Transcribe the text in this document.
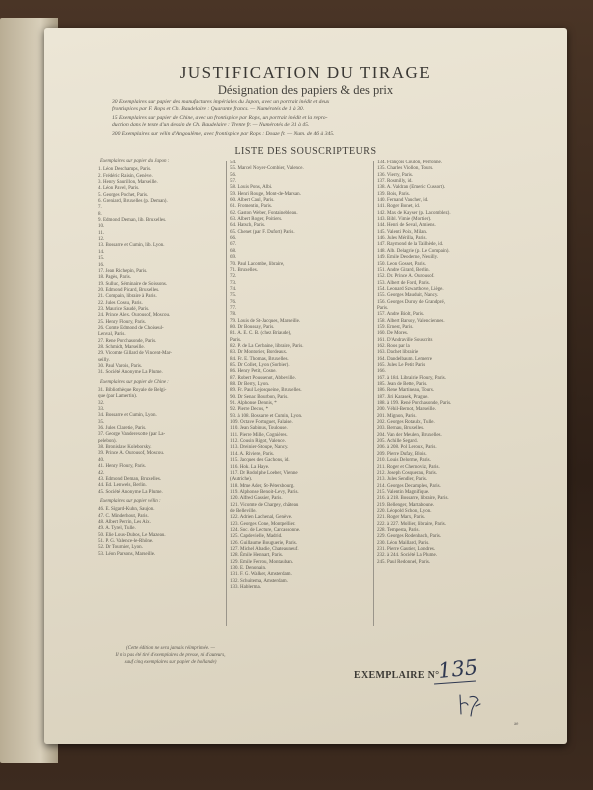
JUSTIFICATION DU TIRAGE
Désignation des papiers & des prix
30 Exemplaires sur papier des manufactures impériales du Japon, avec un portrait inédit et deux
frontispices par F. Rops et Ch. Baudelaire : Quarante francs. — Numérotés de 1 à 30.
15 Exemplaires sur papier de Chine, avec un frontispice par Rops, un portrait inédit et la repro-
duction dans le texte d'un dessin de Ch. Baudelaire : Trente fr. — Numérotés de 31 à 45.
300 Exemplaires sur vélin d'Angoulême, avec frontispice par Rops : Douze fr. — Num. de 46 à 345.
LISTE DES SOUSCRIPTEURS
Exemplaires sur papier du Japon :
1. Léon Deschamps, Paris.
2. Frédéric Raisin, Genève.
3. Henry Saurillon, Marseille.
4. Léon Pavel, Paris.
5. Georges Pochet, Paris.
6. Greniard, Bruxelles (p. Deman).
7.
8.
9. Edmond Deman, lib. Bruxelles.
10.
11.
12.
13. Bossarre et Cumin, lib. Lyon.
14.
15.
16.
17. Jean Richepin, Paris.
18. Pagès, Paris.
19. Sulluc, Séminaire de Soissons.
20. Edmond Picard, Bruxelles.
21. Compain, libraire à Paris.
22. Jules Cossu, Paris.
23. Maurice Saudé, Paris.
24. Prince Alex. Ourousof, Moscou.
25. Henry Floury, Paris.
26. Comte Edmond de Choiseul-
Lenval, Paris.
27. Rene Porchasonde, Paris.
28. Schmidt, Marseille.
29. Vicomte Gillard de Vincent-Mar-
seilly.
30. Paul Varois, Paris.
31. Société Anonyme La Plume.
Exemplaires sur papier de Chine :
31. Bibliothèque Royale de Belgi-
que (par Lamertin).
32.
33.
34. Bossarre et Cumin, Lyon.
35.
36. Jules Claretie, Paris.
37. George Vanderexotte (par La-
pelebon).
38. Bronislaw Koleborsky.
39. Prince A. Ourousof, Moscou.
40.
41. Henry Floury, Paris.
42.
43. Edmond Deman, Bruxelles.
44. Ed. Lenwels, Berlin.
45. Société Anonyme La Plume.
Exemplaires sur papier vélin :
46. E. Sigard-Kuhn, Saujon.
47. C. Minderhout, Paris.
48. Albert Perrin, Les Aix.
49. A. Tyrel, Tulle.
50. Elie Lous-Dubos, Le Mazeau.
51. P. G. Valence-le-Rhône.
52. Dr Tournier, Lyon.
53. Léon Parsons, Marseille.
54.
55. Marcel Noyer-Combier, Valence.
56.
57.
58. Louis Pons, Albi.
59. Henri Rouge, Mont-de-Marsan.
60. Albert Caul, Paris.
61. Fromentin, Paris.
62. Gaston Weber, Fontainebleau.
63. Albert Roger, Poitiers.
64. Hatsch, Paris.
65. Chenet (par F. Dufort) Paris.
66.
67.
68.
69.
70. Paul Lacombe, libraire,
71. Bruxelles.
72.
73.
74.
75.
76.
77.
78.
79. Louis de St-Jacques, Marseille.
80. Dr Boussay, Paris.
81. A. E. C. B. (chez Briaude),
Paris.
82. P. de La Cerbaine, libraire, Paris.
83. Dr Montorier, Bordeaux.
84. Fr. E. Thomas, Bruxelles.
85. Dr Collet, Lyon (Sorbier).
86. Henry Petit, Cosne.
87. Robert Poussenot, Abbeville.
88. Dr Berry, Lyon.
89. Fr. Paul Lejosqueine, Bruxelles.
90. Dr Senac Bourbon, Paris.
91. Alphonse Dennis, *
92. Pierre Decos, *
93. à 108. Bossarre et Cumin, Lyon.
109. Octave Fortuguet, Falaise.
110. Jean Sabinus, Toulouse.
111. Pierre Mille, Cognières.
112. Cousin Rigot, Valence.
113. Dreinier-Stoupe, Nancy.
114. A. Riviere, Paris.
115. Jacques des Gachons, id.
116. Hok. La Haye.
117. Dr Rodolphe Loeber, Vienne
(Autriche).
118. Mme Ader, St-Pétersbourg.
119. Alphonse Benoit-Levy, Paris.
120. Alfred Gassier, Paris.
121. Vicomte de Chargey, château
de Belleville.
122. Adrien Lachenal, Genève.
123. Georges Cone, Montpellier.
124. Soc. de Lecture, Carcassonne.
125. Capdevielle, Madrid.
126. Guillaume Bouguerie, Paris.
127. Michel Abadie, Chateauneuf.
128. Émile Hennart, Paris.
129. Emile Ferrou, Montauban.
130. E. Denonain.
131. F. G. Walker, Amsterdam.
132. Schuitema, Amsterdam.
133. Hablerma.
134. François Coulon, Perronne.
135. Charles Viollon, Tours.
136. Vierry, Paris.
137. Rosmilly, id.
138. A. Valdran (Emeric Cussort).
139. Bois, Paris.
140. Fernand Vaucher, id.
141. Roger Bonet, id.
142. Max de Kayser (p. Lacomblez).
143. Bibl. Vimie (Mortier).
144. Henri de Seval, Amiens.
145. Valenti Poix, Milan.
146. Jules Mérilla, Paris.
147. Raymond de la Tailhède, id.
148. Alb. Delagrie (p. Le Compain).
149. Emile Deoderne, Neuilly.
150. Leon Gosset, Paris.
151. Andre Girard, Berlin.
152. Dr. Prince A. Ourousof.
153. Albert de Ford, Paris.
154. Leonard Szwarthove, Liège.
155. Georges Mauduit, Nancy.
156. Georges Duruy de Grandpré,
Paris.
157. Andre Biolt, Paris.
158. Albert Barsoy, Valenciennes.
159. Ernest, Paris.
160. De Mores.
161. D'Andraville Souscrits
162. Roos par la
163. Dachet librairie
164. Dandelbaum. Lemerre
165. Jules Le Petit Paris
166.
167. à 184. Librairie Floury, Paris.
185. Jean de Bette, Paris.
186. Rene Martineau, Tours.
187. Jiri Karasek, Prague.
188. à 199. René Porchasonde, Paris.
200. Véhil-Bernot, Marseille.
201. Mignon, Paris.
202. Georges Rotaulx, Tulle.
203. Bernau, Bruxelles.
204. Van der Meulen, Bruxelles.
205. Achille Segard.
206. à 208. Pol Leroux, Paris.
209. Pierre Dufay, Blois.
210. Louis Delorme, Paris.
211. Roger et Chernoviz, Paris.
212. Joseph Cosquerau, Paris.
213. Jules Sendler, Paris.
214. Georges Decamples, Paris.
215. Valentin Magnifique.
216. à 218. Bossarre, libraire, Paris.
219. Bellenger, Martaboune.
220. Léopold Schon, Lyon.
221. Roger Marx, Paris.
222. à 227. Mollier, libraire, Paris.
228. Tempesta, Paris.
229. Georges Rodenbach, Paris.
230. Léon Maillard, Paris.
231. Pierre Gautier, Londres.
232. à 244. Société La Plume.
245. Paul Redonnel, Paris.
(Cette édition ne sera jamais réimprimée. —
Il n'a pas été tiré d'exemplaires de presse, ni d'auteurs,
sauf cinq exemplaires sur papier de hollande)
EXEMPLAIRE N°
135
ᵃᵉ
